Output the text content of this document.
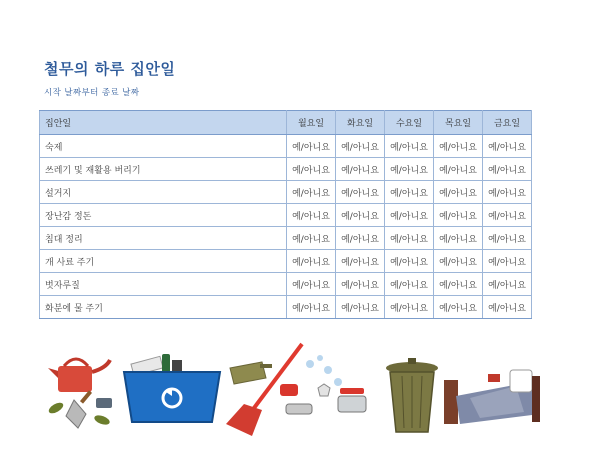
철무의 하루 집안일
시작 날짜부터 종료 날짜
집안일	월요일	화요일	수요일	목요일	금요일
숙제	예/아니요	예/아니요	예/아니요	예/아니요	예/아니요
쓰레기 및 재활용 버리기	예/아니요	예/아니요	예/아니요	예/아니요	예/아니요
설거지	예/아니요	예/아니요	예/아니요	예/아니요	예/아니요
장난감 정돈	예/아니요	예/아니요	예/아니요	예/아니요	예/아니요
침대 정리	예/아니요	예/아니요	예/아니요	예/아니요	예/아니요
개 사료 주기	예/아니요	예/아니요	예/아니요	예/아니요	예/아니요
벗자루질	예/아니요	예/아니요	예/아니요	예/아니요	예/아니요
화분에 물 주기	예/아니요	예/아니요	예/아니요	예/아니요	예/아니요
